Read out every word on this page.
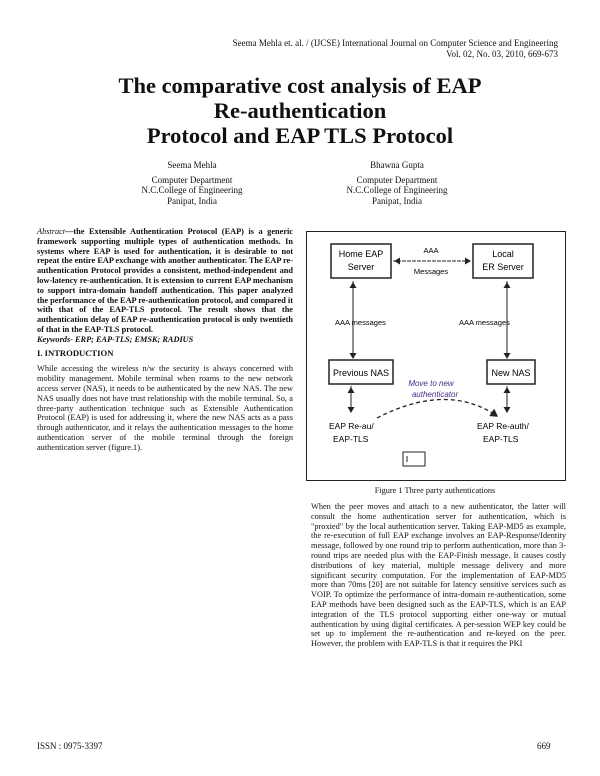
Seema Mehla et. al. / (IJCSE) International Journal on Computer Science and Engineering
Vol. 02, No. 03, 2010, 669-673
The comparative cost analysis of EAP
Re-authentication
Protocol and EAP TLS Protocol
Seema Mehla
Computer Department
N.C.College of Engineering
Panipat, India
Bhawna Gupta
Computer Department
N.C.College of Engineering
Panipat, India

Abstract—the Extensible Authentication Protocol (EAP) is a generic framework supporting multiple types of authentication methods. In systems where EAP is used for authentication, it is desirable to not repeat the entire EAP exchange with another authenticator. The EAP re-authentication Protocol provides a consistent, method-independent and low-latency re-authentication. It is extension to current EAP mechanism to support intra-domain handoff authentication. This paper analyzed the performance of the EAP re-authentication protocol, and compared it with that of the EAP-TLS protocol. The result shows that the authentication delay of EAP re-authentication protocol is only twentieth of that in the EAP-TLS protocol.

Keywords- ERP; EAP-TLS; EMSK; RADIUS

I. INTRODUCTION

While accessing the wireless n/w the security is always concerned with mobility management. Mobile terminal when roams to the new network access server (NAS), it needs to be authenticated by the new NAS. The new NAS usually does not have trust relationship with the mobile terminal. So, a three-party authentication technique such as Extensible Authentication Protocol (EAP) is used for addressing it, where the new NAS acts as a pass through authenticator, and it relays the authentication messages to the home authentication server of the mobile terminal through the foreign authentication server (figure.1).

Home EAP
Server
Local
ER Server
AAA
Messages
AAA messages	AAA messages
Previous NAS	New NAS
Move to new
authenticator
EAP Re-au/
EAP-TLS
EAP Re-auth/
EAP-TLS
Figure 1 Three party authentications

When the peer moves and attach to a new authenticator, the latter will consult the home authentication server for authentication, which is "proxied" by the local authentication server. Taking EAP-MD5 as example, the re-execution of full EAP exchange involves an EAP-Response/Identity message, followed by one round trip to perform authentication, more than 3-round trips are needed plus with the EAP-Finish message. It causes costly distributions of key material, multiple message delivery and more significant security computation. For the implementation of EAP-MD5 more than 70ms [20] are not suitable for latency sensitive services such as VOIP. To optimize the performance of intra-domain re-authentication, some EAP methods have been designed such as the EAP-TLS, which is an EAP integration of the TLS protocol supporting either one-way or mutual authentication by using digital certificates. A per-session WEP key could be set up to implement the re-authentication and re-keyed on the peer. However, the problem with EAP-TLS is that it requires the PKI

ISSN : 0975-3397	669
